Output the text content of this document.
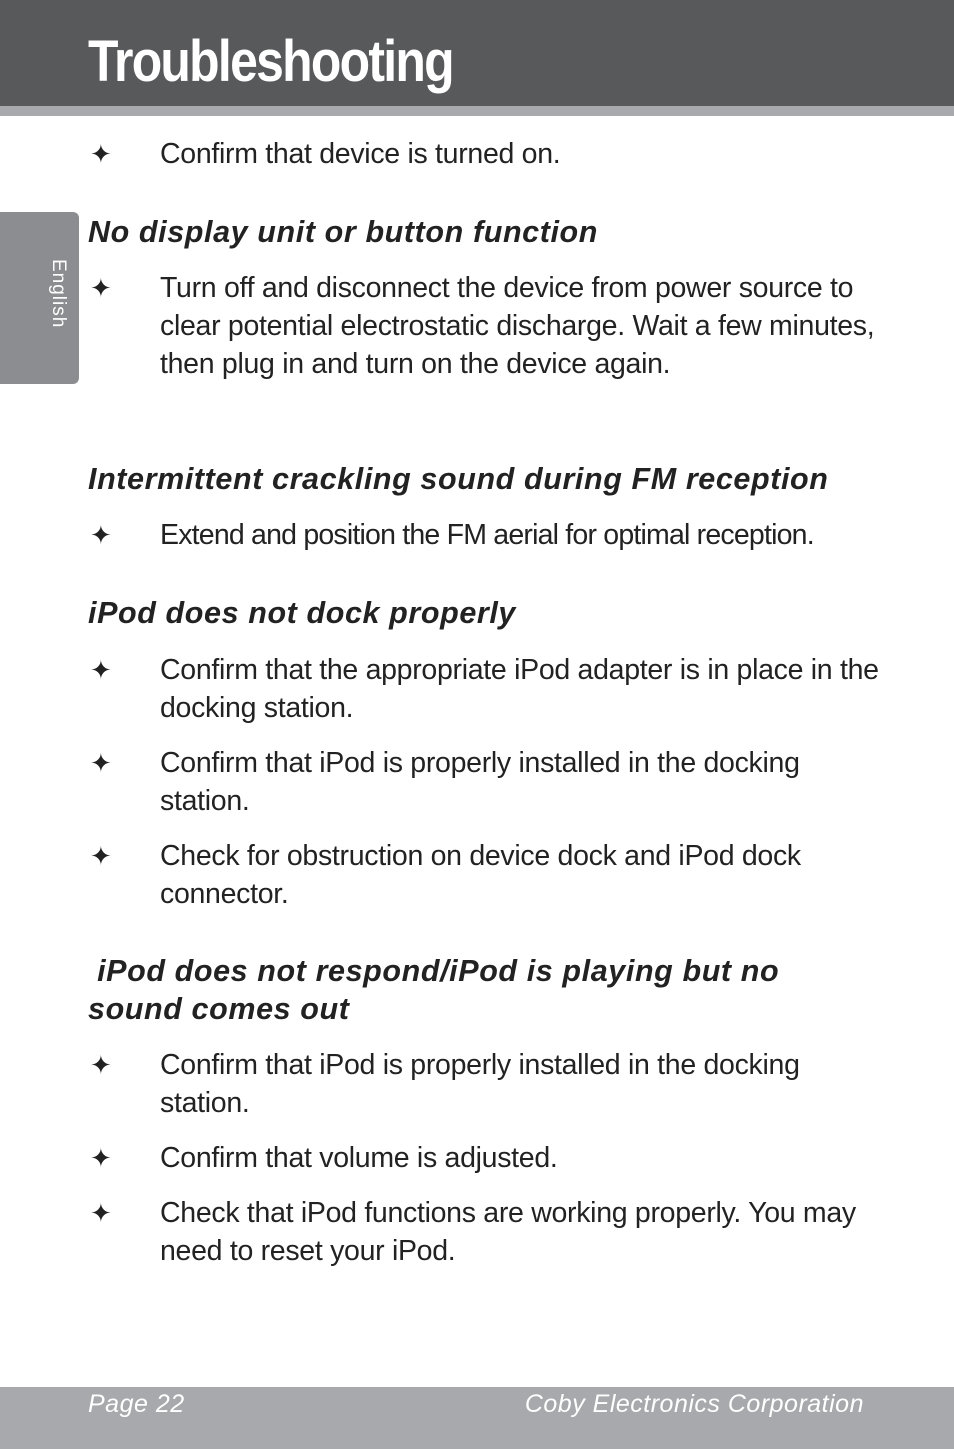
Troubleshooting
English
✦ Confirm that device is turned on.
No display unit or button function
✦ Turn off and disconnect the device from power source to clear potential electrostatic discharge. Wait a few minutes, then plug in and turn on the device again.
Intermittent crackling sound during FM reception
✦ Extend and position the FM aerial for optimal reception.
iPod does not dock properly
✦ Confirm that the appropriate iPod adapter is in place in the docking station.
✦ Confirm that iPod is properly installed in the docking station.
✦ Check for obstruction on device dock and iPod dock connector.
iPod does not respond/iPod is playing but no sound comes out
✦ Confirm that iPod is properly installed in the docking station.
✦ Confirm that volume is adjusted.
✦ Check that iPod functions are working properly. You may need to reset your iPod.
Page 22	Coby Electronics Corporation
